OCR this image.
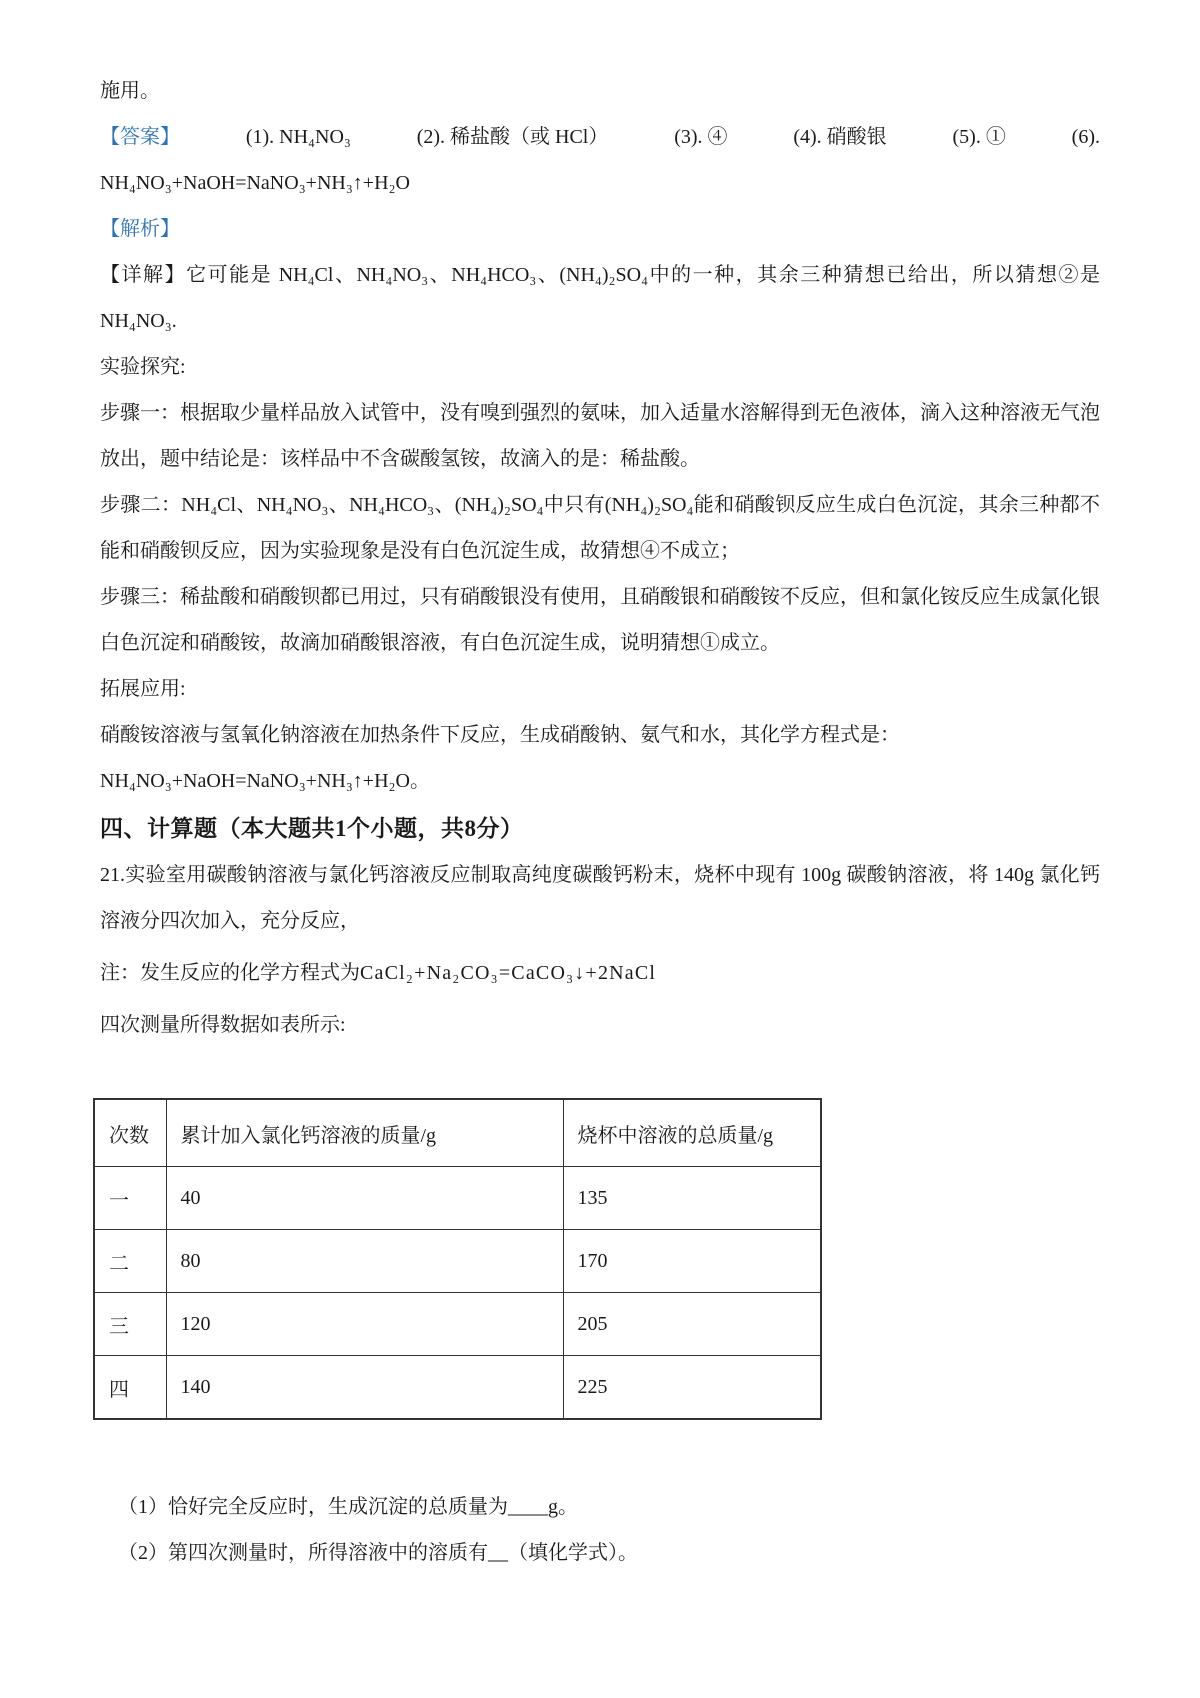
施用。

【答案】	(1). NH₄NO₃	(2). 稀盐酸（或 HCl）	(3). ④	(4). 硝酸银	(5). ①	(6).

NH₄NO₃+NaOH=NaNO₃+NH₃↑+H₂O

【解析】

【详解】它可能是 NH₄Cl、NH₄NO₃、NH₄HCO₃、(NH₄)₂SO₄中的一种，其余三种猜想已给出，所以猜想②是 NH₄NO₃.

实验探究:

步骤一：根据取少量样品放入试管中，没有嗅到强烈的氨味，加入适量水溶解得到无色液体，滴入这种溶液无气泡放出，题中结论是：该样品中不含碳酸氢铵，故滴入的是：稀盐酸。

步骤二：NH₄Cl、NH₄NO₃、NH₄HCO₃、(NH₄)₂SO₄中只有(NH₄)₂SO₄能和硝酸钡反应生成白色沉淀，其余三种都不能和硝酸钡反应，因为实验现象是没有白色沉淀生成，故猜想④不成立；

步骤三：稀盐酸和硝酸钡都已用过，只有硝酸银没有使用，且硝酸银和硝酸铵不反应，但和氯化铵反应生成氯化银白色沉淀和硝酸铵，故滴加硝酸银溶液，有白色沉淀生成，说明猜想①成立。

拓展应用:

硝酸铵溶液与氢氧化钠溶液在加热条件下反应，生成硝酸钠、氨气和水，其化学方程式是：

NH₄NO₃+NaOH=NaNO₃+NH₃↑+H₂O。

四、计算题（本大题共1个小题，共8分）

21.实验室用碳酸钠溶液与氯化钙溶液反应制取高纯度碳酸钙粉末，烧杯中现有 100g 碳酸钠溶液，将 140g 氯化钙溶液分四次加入，充分反应，

注：发生反应的化学方程式为CaCl₂+Na₂CO₃=CaCO₃↓+2NaCl

四次测量所得数据如表所示:

次数	累计加入氯化钙溶液的质量/g	烧杯中溶液的总质量/g
一	40	135
二	80	170
三	120	205
四	140	225

（1）恰好完全反应时，生成沉淀的总质量为____g。

（2）第四次测量时，所得溶液中的溶质有__（填化学式）。
